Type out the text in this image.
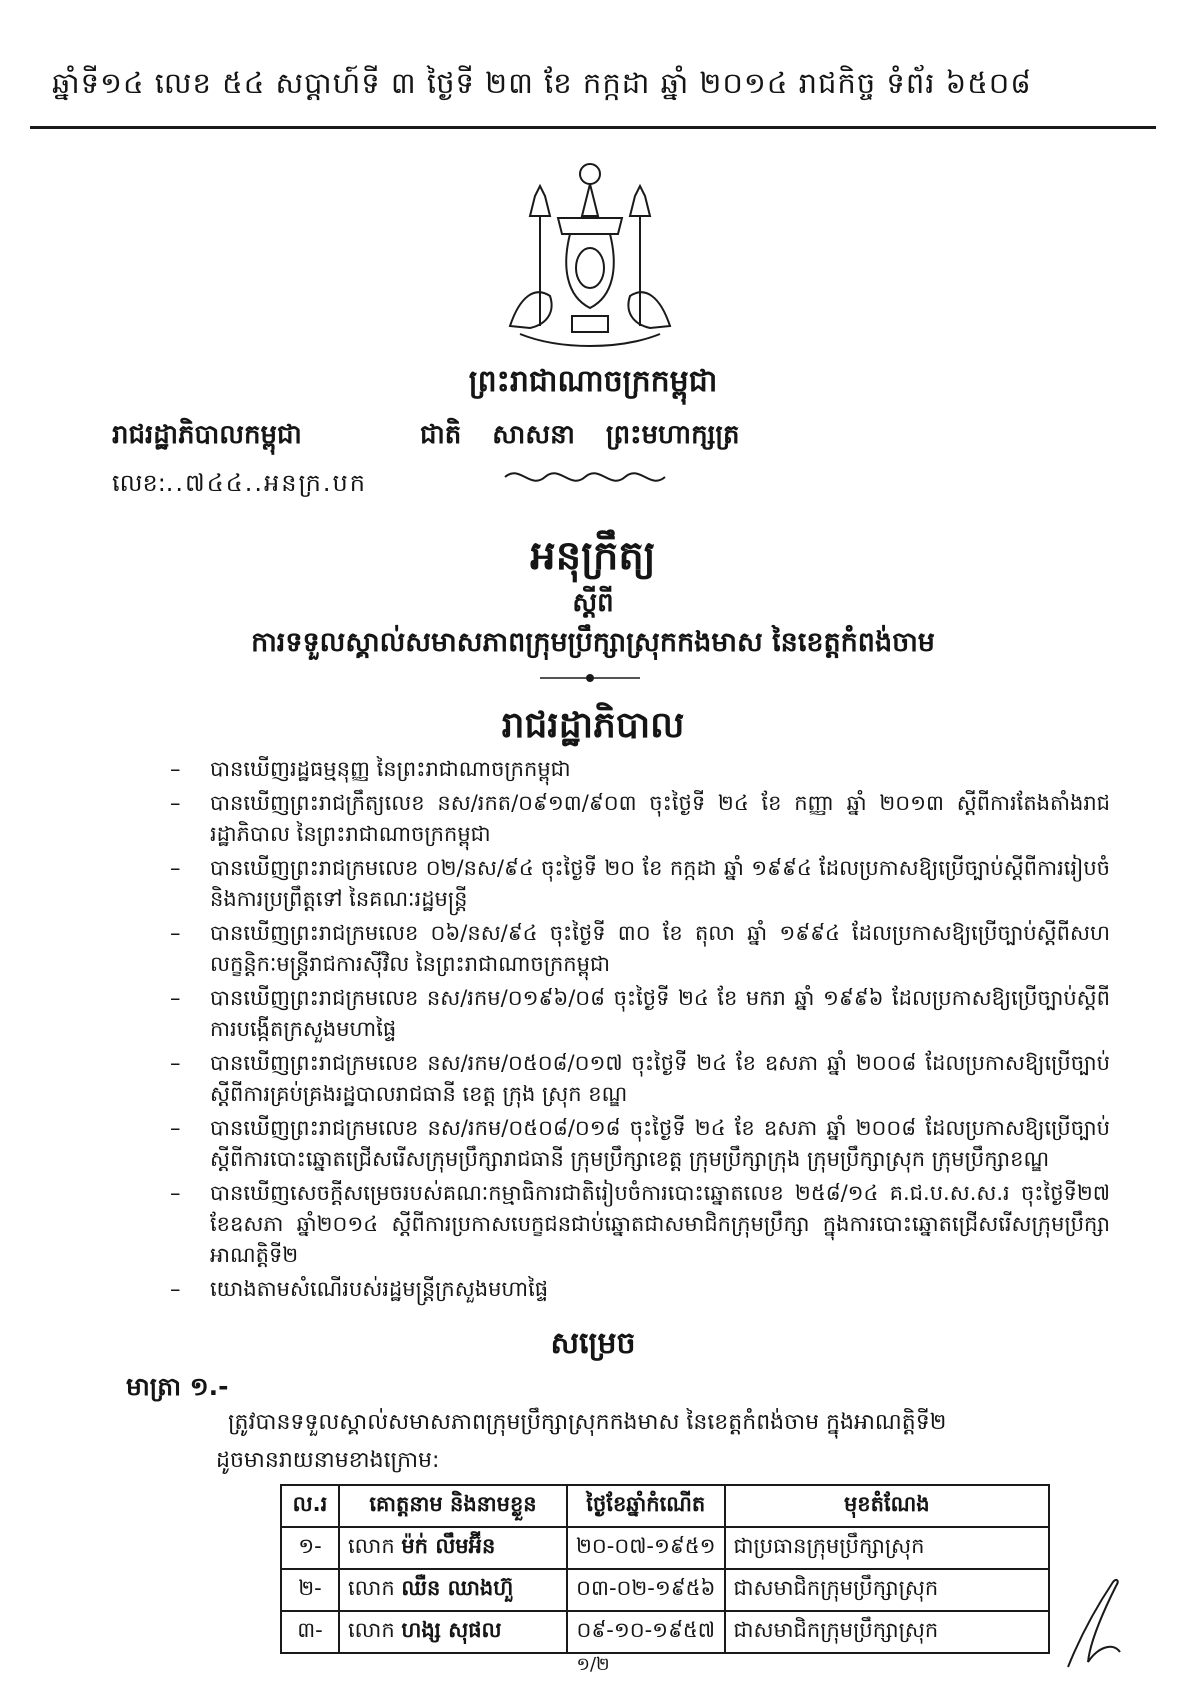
ឆ្នាំទី១៤ លេខ ៥៤ សប្តាហ៍ទី ៣ ថ្ងៃទី ២៣ ខែ កក្កដា ឆ្នាំ ២០១៤ រាជកិច្ច ទំព័រ ៦៥០៨
ព្រះរាជាណាចក្រកម្ពុជា
រាជរដ្ឋាភិបាលកម្ពុជា	ជាតិ សាសនា ព្រះមហាក្សត្រ
លេខ:..៧៤៤..អនក្រ.បក
អនុក្រឹត្យ
ស្តីពី
ការទទួលស្គាល់សមាសភាពក្រុមប្រឹក្សាស្រុកកងមាស នៃខេត្តកំពង់ចាម
រាជរដ្ឋាភិបាល
– បានឃើញរដ្ឋធម្មនុញ្ញ នៃព្រះរាជាណាចក្រកម្ពុជា
– បានឃើញព្រះរាជក្រឹត្យលេខ នស/រកត/០៩១៣/៩០៣ ចុះថ្ងៃទី ២៤ ខែ កញ្ញា ឆ្នាំ ២០១៣ ស្តីពីការតែងតាំងរាជរដ្ឋាភិបាល នៃព្រះរាជាណាចក្រកម្ពុជា
– បានឃើញព្រះរាជក្រមលេខ ០២/នស/៩៤ ចុះថ្ងៃទី ២០ ខែ កក្កដា ឆ្នាំ ១៩៩៤ ដែលប្រកាសឱ្យប្រើច្បាប់ស្តីពីការរៀបចំ និងការប្រព្រឹត្តទៅ នៃគណៈរដ្ឋមន្ត្រី
– បានឃើញព្រះរាជក្រមលេខ ០៦/នស/៩៤ ចុះថ្ងៃទី ៣០ ខែ តុលា ឆ្នាំ ១៩៩៤ ដែលប្រកាសឱ្យប្រើច្បាប់ស្តីពីសហលក្ខន្តិកៈមន្ត្រីរាជការស៊ីវិល នៃព្រះរាជាណាចក្រកម្ពុជា
– បានឃើញព្រះរាជក្រមលេខ នស/រកម/០១៩៦/០៨ ចុះថ្ងៃទី ២៤ ខែ មករា ឆ្នាំ ១៩៩៦ ដែលប្រកាសឱ្យប្រើច្បាប់ស្តីពីការបង្កើតក្រសួងមហាផ្ទៃ
– បានឃើញព្រះរាជក្រមលេខ នស/រកម/០៥០៨/០១៧ ចុះថ្ងៃទី ២៤ ខែ ឧសភា ឆ្នាំ ២០០៨ ដែលប្រកាសឱ្យប្រើច្បាប់ស្តីពីការគ្រប់គ្រងរដ្ឋបាលរាជធានី ខេត្ត ក្រុង ស្រុក ខណ្ឌ
– បានឃើញព្រះរាជក្រមលេខ នស/រកម/០៥០៨/០១៨ ចុះថ្ងៃទី ២៤ ខែ ឧសភា ឆ្នាំ ២០០៨ ដែលប្រកាសឱ្យប្រើច្បាប់ស្តីពីការបោះឆ្នោតជ្រើសរើសក្រុមប្រឹក្សារាជធានី ក្រុមប្រឹក្សាខេត្ត ក្រុមប្រឹក្សាក្រុង ក្រុមប្រឹក្សាស្រុក ក្រុមប្រឹក្សាខណ្ឌ
– បានឃើញសេចក្តីសម្រេចរបស់គណៈកម្មាធិការជាតិរៀបចំការបោះឆ្នោតលេខ ២៥៨/១៤ គ.ជ.ប.ស.ស.រ ចុះថ្ងៃទី២៧ ខែឧសភា ឆ្នាំ២០១៤ ស្តីពីការប្រកាសបេក្ខជនជាប់ឆ្នោតជាសមាជិកក្រុមប្រឹក្សា ក្នុងការបោះឆ្នោតជ្រើសរើសក្រុមប្រឹក្សា អាណត្តិទី២
– យោងតាមសំណើរបស់រដ្ឋមន្ត្រីក្រសួងមហាផ្ទៃ
សម្រេច
មាត្រា ១.-
ត្រូវបានទទួលស្គាល់សមាសភាពក្រុមប្រឹក្សាស្រុកកងមាស នៃខេត្តកំពង់ចាម ក្នុងអាណត្តិទី២
ដូចមានរាយនាមខាងក្រោម:
ល.រ	គោត្តនាម និងនាមខ្លួន	ថ្ងៃខែឆ្នាំកំណើត	មុខតំណែង
១-	លោក ម៉ក់ លឹមអ៊ីន	២០-០៧-១៩៥១	ជាប្រធានក្រុមប្រឹក្សាស្រុក
២-	លោក ឈឺន ឈាងហ៊ួ	០៣-០២-១៩៥៦	ជាសមាជិកក្រុមប្រឹក្សាស្រុក
៣-	លោក ហង្ស សុផល	០៩-១០-១៩៥៧	ជាសមាជិកក្រុមប្រឹក្សាស្រុក
១/២
